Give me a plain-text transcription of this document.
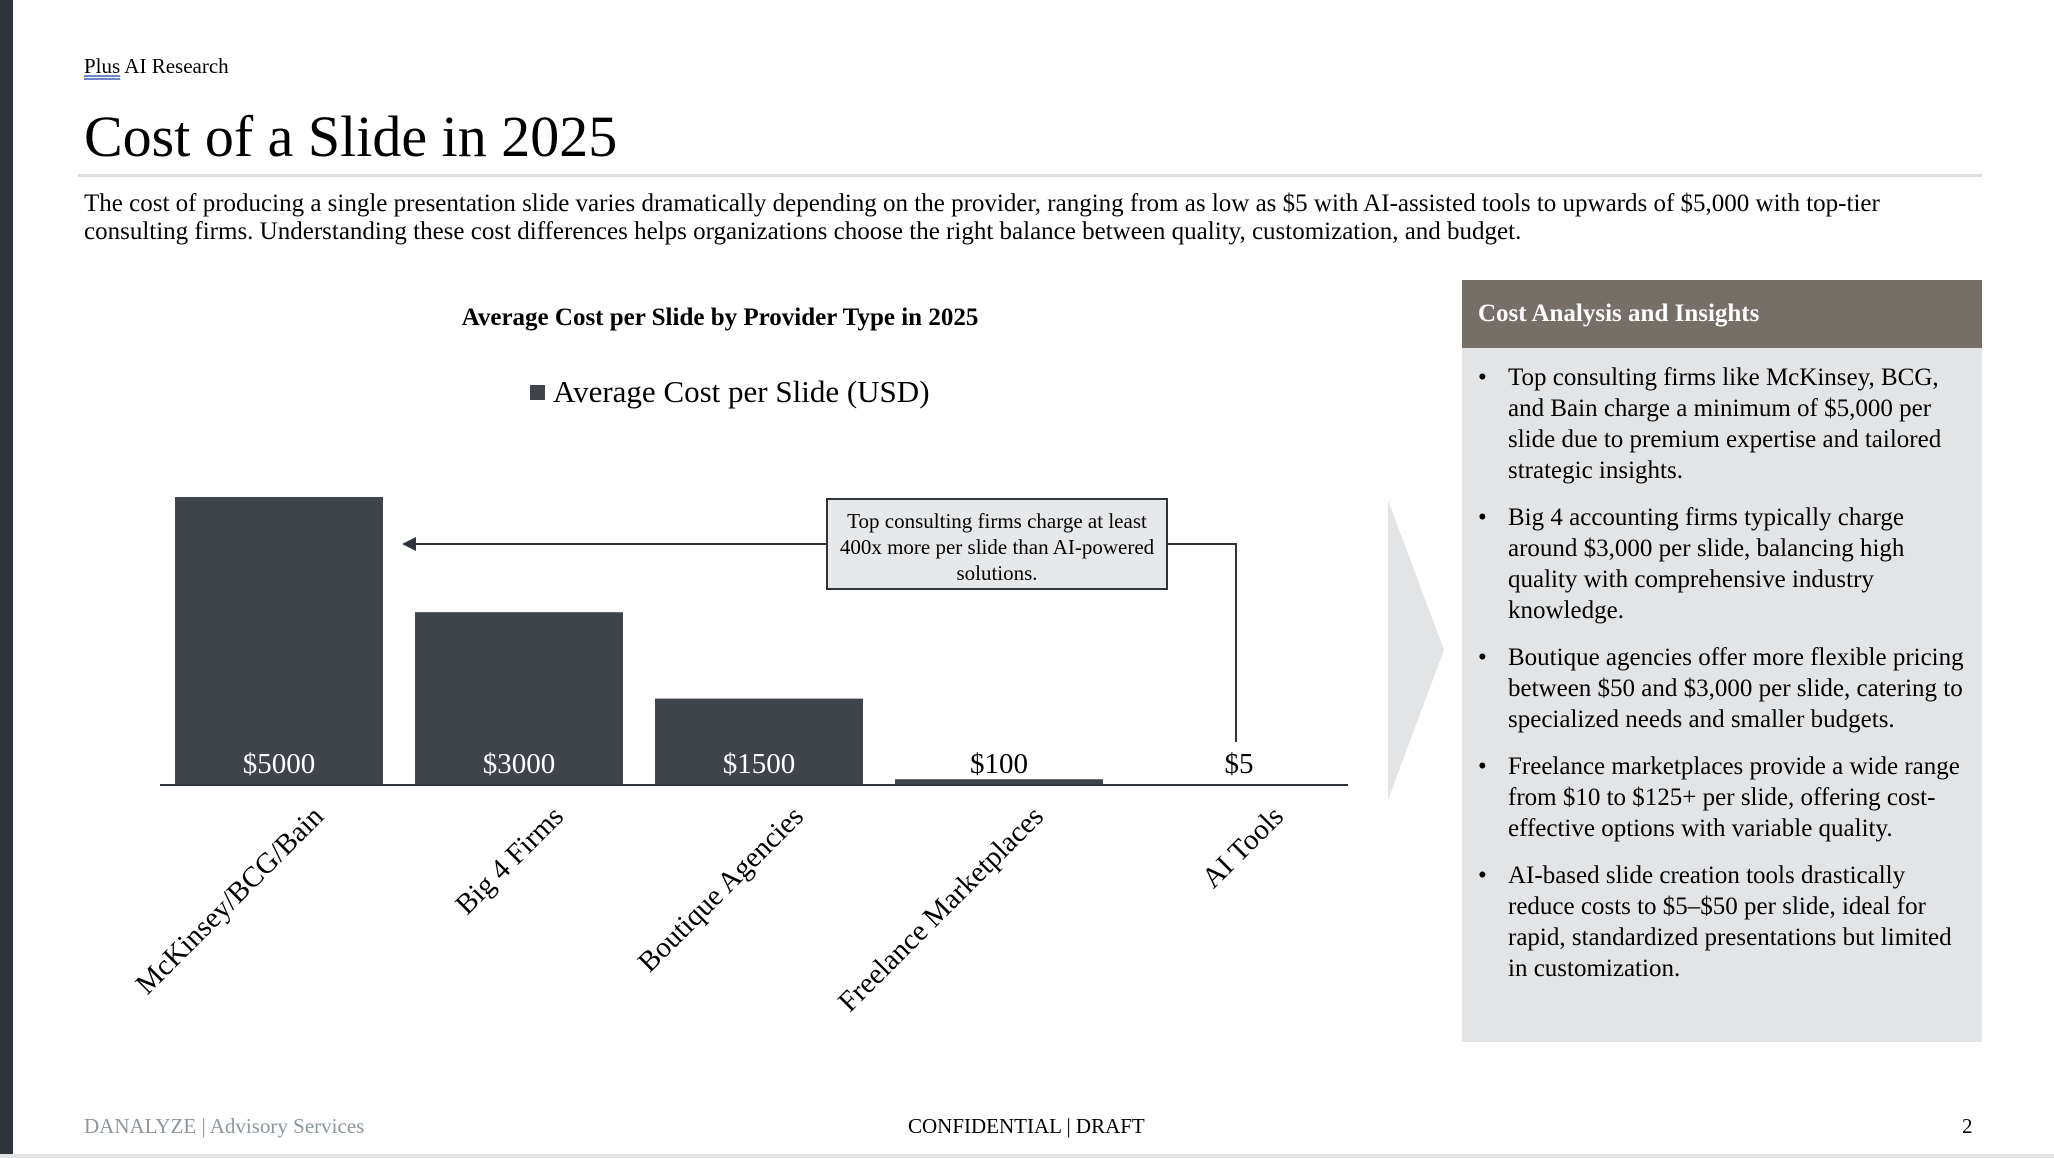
Plus AI Research
Cost of a Slide in 2025

The cost of producing a single presentation slide varies dramatically depending on the provider, ranging from as low as $5 with AI-assisted tools to upwards of $5,000 with top-tier consulting firms. Understanding these cost differences helps organizations choose the right balance between quality, customization, and budget.

Average Cost per Slide by Provider Type in 2025
Average Cost per Slide (USD)
$5000
McKinsey/BCG/Bain
$3000
Big 4 Firms
$1500
Boutique Agencies
$100
Freelance Marketplaces
$5
AI Tools
Top consulting firms charge at least 400x more per slide than AI-powered solutions.
Cost Analysis and Insights
• Top consulting firms like McKinsey, BCG, and Bain charge a minimum of $5,000 per slide due to premium expertise and tailored strategic insights.
• Big 4 accounting firms typically charge around $3,000 per slide, balancing high quality with comprehensive industry knowledge.
• Boutique agencies offer more flexible pricing between $50 and $3,000 per slide, catering to specialized needs and smaller budgets.
• Freelance marketplaces provide a wide range from $10 to $125+ per slide, offering cost-effective options with variable quality.
• AI-based slide creation tools drastically reduce costs to $5–$50 per slide, ideal for rapid, standardized presentations but limited in customization.
DANALYZE | Advisory Services	CONFIDENTIAL | DRAFT	2
